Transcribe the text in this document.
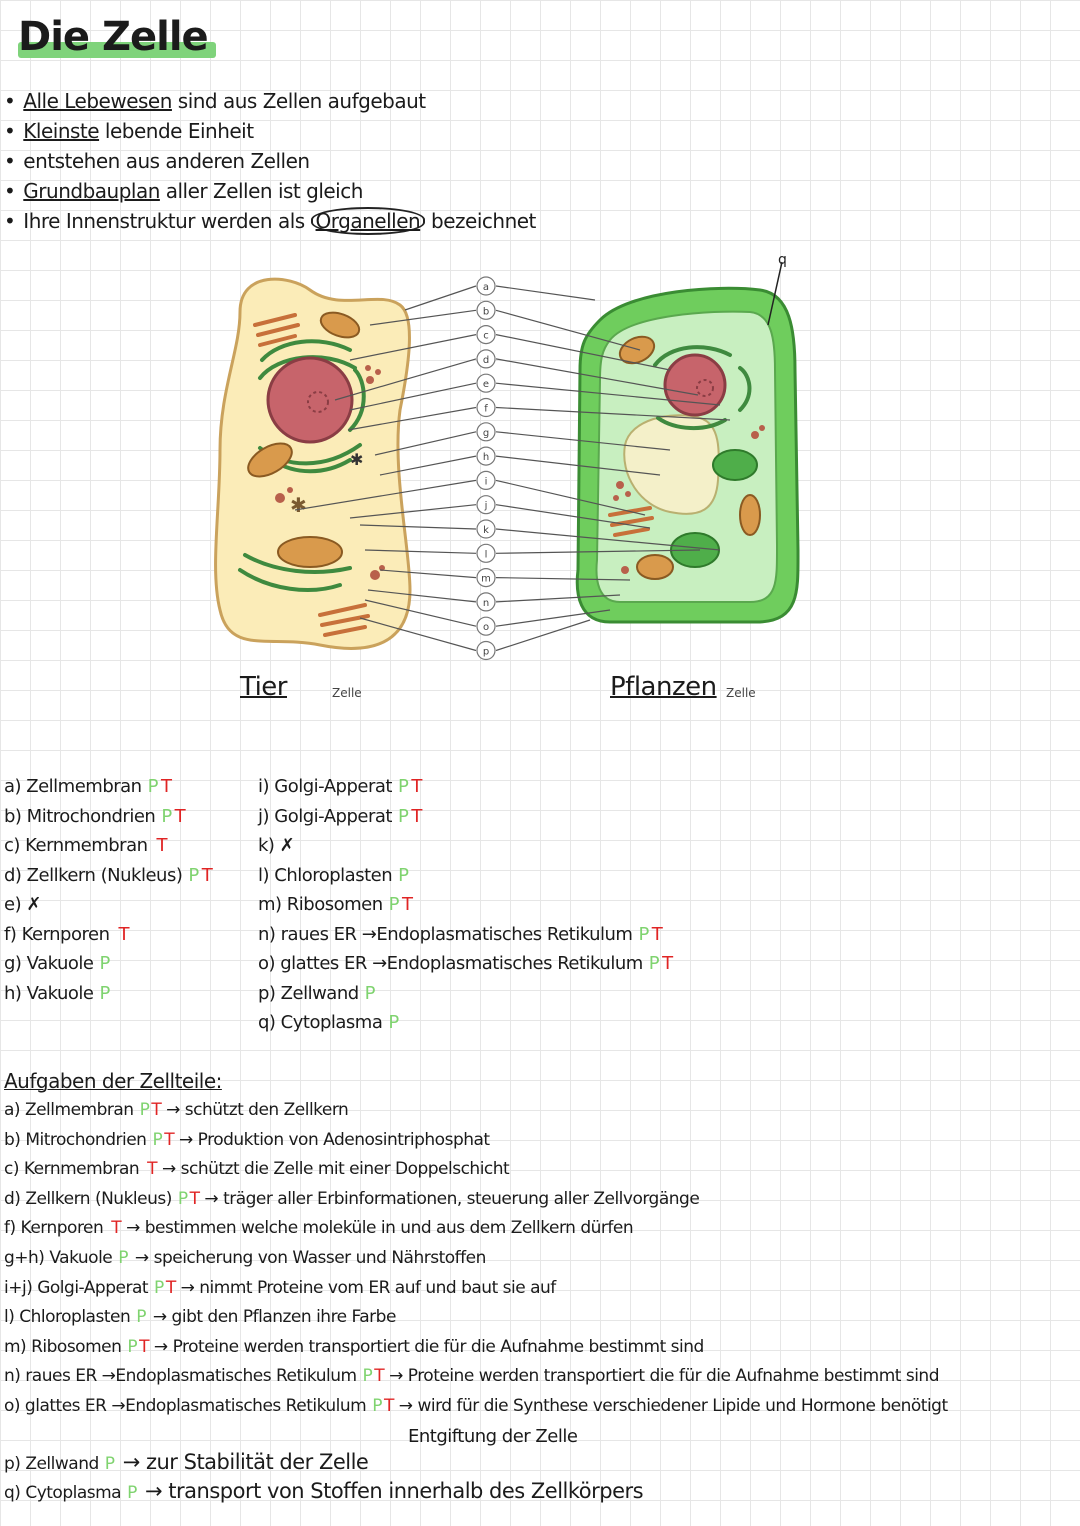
Die Zelle
• Alle Lebewesen sind aus Zellen aufgebaut
• Kleinste lebende Einheit
• entstehen aus anderen Zellen
• Grundbauplan aller Zellen ist gleich
• Ihre Innenstruktur werden als Organellen bezeichnet
✱
✱
a
b
c
d
e
f
g
h
i
j
k
l
m
n
o
p
q
Tier	Zelle	Pflanzen Zelle
a) Zellmembran P T
b) Mitrochondrien P T
c) Kernmembran T
d) Zellkern (Nukleus) P T
e) ✗
f) Kernporen T
g) Vakuole P
h) Vakuole P
i) Golgi-Apperat P T
j) Golgi-Apperat P T
k) ✗
l) Chloroplasten P
m) Ribosomen P T
n) raues ER →Endoplasmatisches Retikulum P T
o) glattes ER →Endoplasmatisches Retikulum P T
p) Zellwand P
q) Cytoplasma P
Aufgaben der Zellteile:
a) Zellmembran P T → schützt den Zellkern
b) Mitrochondrien P T → Produktion von Adenosintriphosphat
c) Kernmembran T → schützt die Zelle mit einer Doppelschicht
d) Zellkern (Nukleus) P T → träger aller Erbinformationen, steuerung aller Zellvorgänge
f) Kernporen T → bestimmen welche moleküle in und aus dem Zellkern dürfen
g+h) Vakuole P → speicherung von Wasser und Nährstoffen
i+j) Golgi-Apperat P T → nimmt Proteine vom ER auf und baut sie auf
l) Chloroplasten P → gibt den Pflanzen ihre Farbe
m) Ribosomen P T → Proteine werden transportiert die für die Aufnahme bestimmt sind
n) raues ER →Endoplasmatisches Retikulum P T → Proteine werden transportiert die für die Aufnahme bestimmt sind
o) glattes ER →Endoplasmatisches Retikulum P T → wird für die Synthese verschiedener Lipide und Hormone benötigt
p) Zellwand P → zur Stabilität der Zelle
q) Cytoplasma P → transport von Stoffen innerhalb des Zellkörpers
Entgiftung der Zelle
